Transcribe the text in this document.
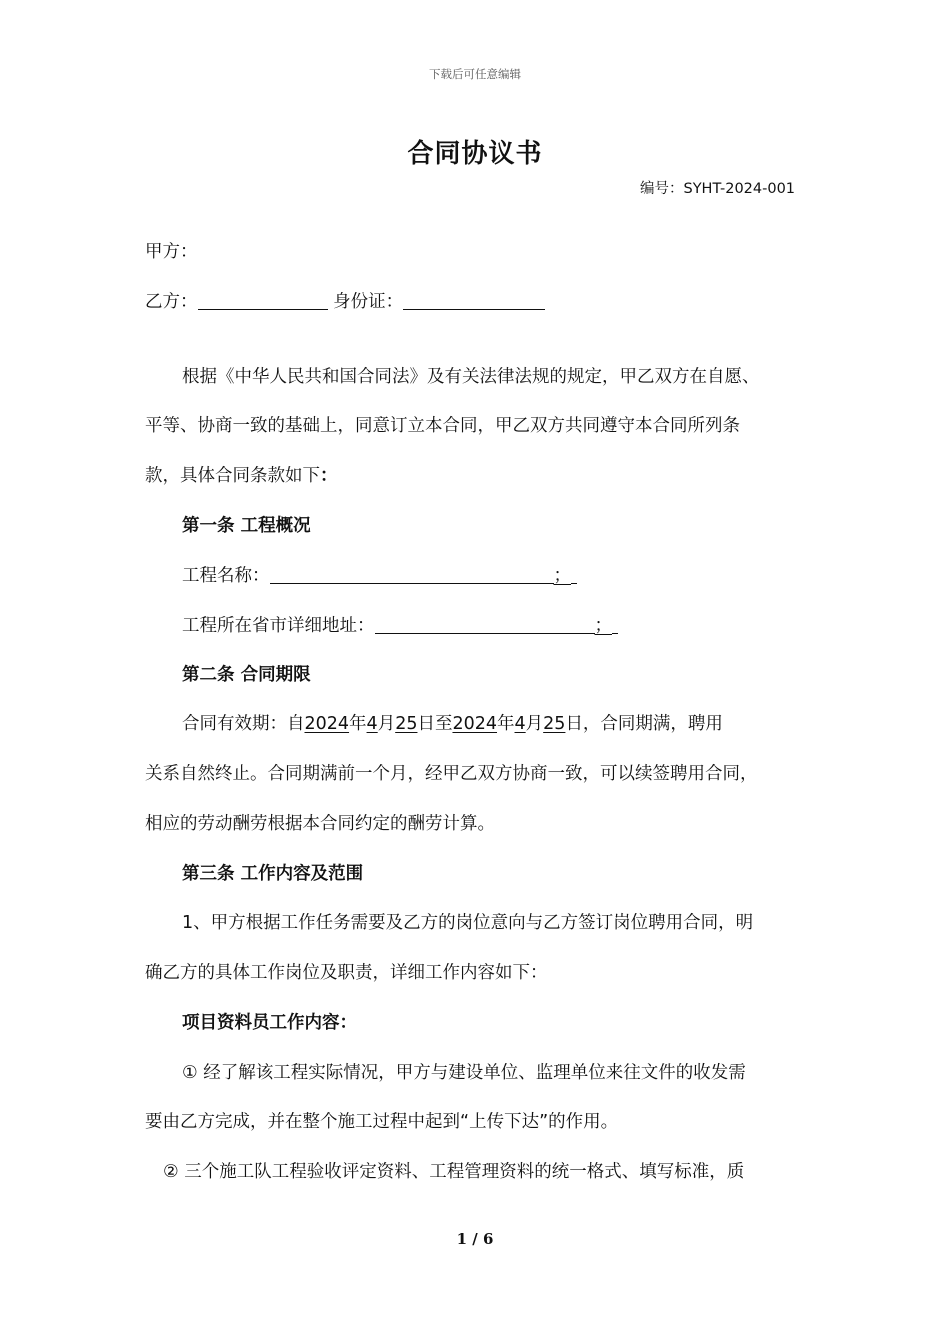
下载后可任意编辑
合同协议书
编号：SYHT-2024-001
甲方：
乙方：	身份证：
根据《中华人民共和国合同法》及有关法律法规的规定，甲乙双方在自愿、
平等、协商一致的基础上，同意订立本合同，甲乙双方共同遵守本合同所列条
款，具体合同条款如下：
第一条 工程概况
工程名称：	；
工程所在省市详细地址：	；
第二条 合同期限
合同有效期：自2024年4月25日至2024年4月25日，合同期满，聘用
关系自然终止。合同期满前一个月，经甲乙双方协商一致，可以续签聘用合同，
相应的劳动酬劳根据本合同约定的酬劳计算。
第三条 工作内容及范围
1、甲方根据工作任务需要及乙方的岗位意向与乙方签订岗位聘用合同，明
确乙方的具体工作岗位及职责，详细工作内容如下：
项目资料员工作内容：
① 经了解该工程实际情况，甲方与建设单位、监理单位来往文件的收发需
要由乙方完成，并在整个施工过程中起到“上传下达”的作用。
② 三个施工队工程验收评定资料、工程管理资料的统一格式、填写标准，质
1 / 6
